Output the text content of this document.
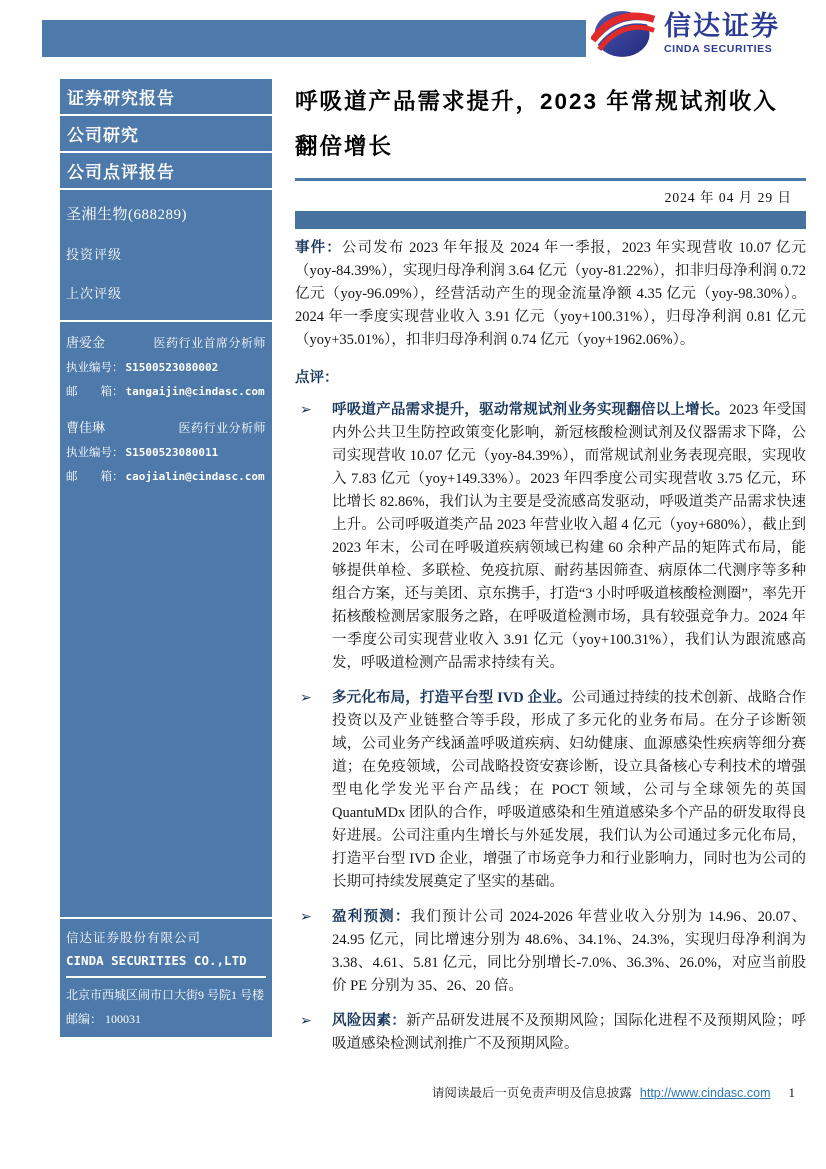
信达证券
CINDA SECURITIES
证券研究报告
公司研究
公司点评报告
圣湘生物(688289)
投资评级
上次评级
唐爱金	医药行业首席分析师
执业编号： S1500523080002
邮　　箱： tangaijin@cindasc.com
曹佳琳	医药行业分析师
执业编号： S1500523080011
邮　　箱： caojialin@cindasc.com
信达证券股份有限公司
CINDA SECURITIES CO.,LTD
北京市西城区闹市口大街9 号院1 号楼
邮编： 100031
呼吸道产品需求提升，2023 年常规试剂收入翻倍增长
2024 年 04 月 29 日

事件：公司发布 2023 年年报及 2024 年一季报，2023 年实现营收 10.07 亿元（yoy-84.39%），实现归母净利润 3.64 亿元（yoy-81.22%），扣非归母净利润 0.72 亿元（yoy-96.09%），经营活动产生的现金流量净额 4.35 亿元（yoy-98.30%）。2024 年一季度实现营业收入 3.91 亿元（yoy+100.31%），归母净利润 0.81 亿元（yoy+35.01%），扣非归母净利润 0.74 亿元（yoy+1962.06%）。

点评：

➢ 呼吸道产品需求提升，驱动常规试剂业务实现翻倍以上增长。2023 年受国内外公共卫生防控政策变化影响，新冠核酸检测试剂及仪器需求下降，公司实现营收 10.07 亿元（yoy-84.39%），而常规试剂业务表现亮眼，实现收入 7.83 亿元（yoy+149.33%）。2023 年四季度公司实现营收 3.75 亿元，环比增长 82.86%，我们认为主要是受流感高发驱动，呼吸道类产品需求快速上升。公司呼吸道类产品 2023 年营业收入超 4 亿元（yoy+680%），截止到 2023 年末，公司在呼吸道疾病领域已构建 60 余种产品的矩阵式布局，能够提供单检、多联检、免疫抗原、耐药基因筛查、病原体二代测序等多种组合方案，还与美团、京东携手，打造“3 小时呼吸道核酸检测圈”，率先开拓核酸检测居家服务之路，在呼吸道检测市场，具有较强竞争力。2024 年一季度公司实现营业收入 3.91 亿元（yoy+100.31%），我们认为跟流感高发，呼吸道检测产品需求持续有关。
➢ 多元化布局，打造平台型 IVD 企业。公司通过持续的技术创新、战略合作投资以及产业链整合等手段，形成了多元化的业务布局。在分子诊断领域，公司业务产线涵盖呼吸道疾病、妇幼健康、血源感染性疾病等细分赛道；在免疫领域，公司战略投资安赛诊断，设立具备核心专利技术的增强型电化学发光平台产品线；在 POCT 领域，公司与全球领先的英国 QuantuMDx 团队的合作，呼吸道感染和生殖道感染多个产品的研发取得良好进展。公司注重内生增长与外延发展，我们认为公司通过多元化布局，打造平台型 IVD 企业，增强了市场竞争力和行业影响力，同时也为公司的长期可持续发展奠定了坚实的基础。
➢ 盈利预测：我们预计公司 2024-2026 年营业收入分别为 14.96、20.07、24.95 亿元，同比增速分别为 48.6%、34.1%、24.3%，实现归母净利润为 3.38、4.61、5.81 亿元，同比分别增长-7.0%、36.3%、26.0%，对应当前股价 PE 分别为 35、26、20 倍。
➢ 风险因素：新产品研发进展不及预期风险；国际化进程不及预期风险；呼吸道感染检测试剂推广不及预期风险。
请阅读最后一页免责声明及信息披露 http://www.cindasc.com 1
